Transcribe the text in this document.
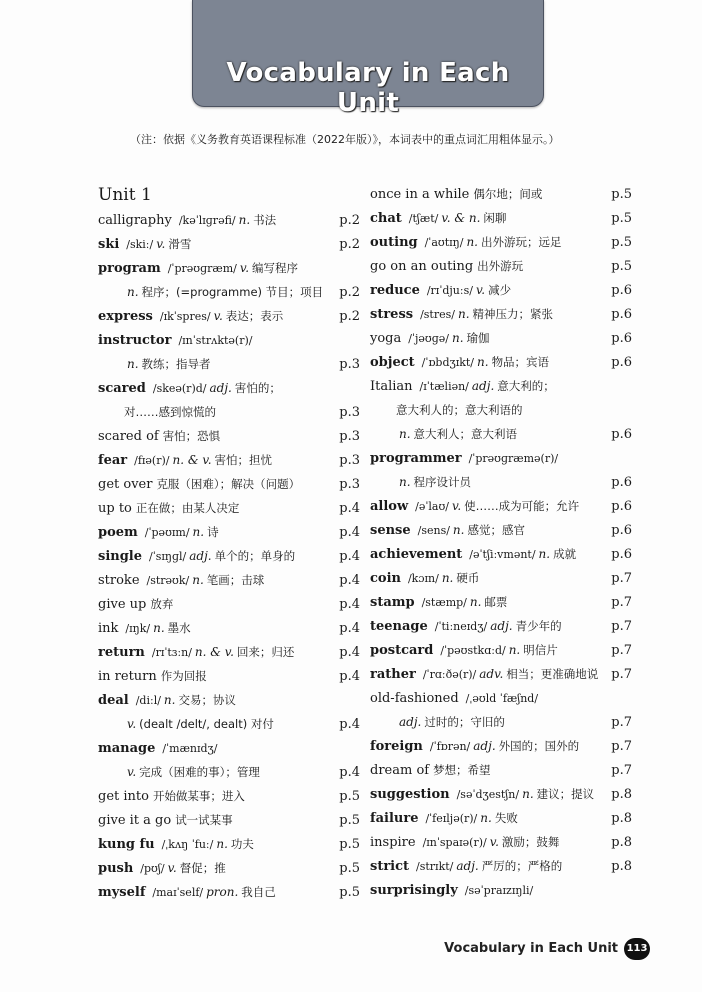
Vocabulary in Each Unit
（注：依据《义务教育英语课程标准（2022年版）》，本词表中的重点词汇用粗体显示。）
Unit 1
calligraphy /kəˈlɪɡrəfi/ n. 书法	p.2
ski /skiː/ v. 滑雪	p.2
program /ˈprəʊɡræm/ v. 编写程序
n. 程序；(=programme) 节目；项目	p.2
express /ɪkˈspres/ v. 表达；表示	p.2
instructor /ɪnˈstrʌktə(r)/
n. 教练；指导者	p.3
scared /skeə(r)d/ adj. 害怕的；
对……感到惊慌的	p.3
scared of 害怕；恐惧	p.3
fear /fɪə(r)/ n. & v. 害怕；担忧	p.3
get over 克服（困难）；解决（问题）	p.3
up to 正在做；由某人决定	p.4
poem /ˈpəʊɪm/ n. 诗	p.4
single /ˈsɪŋɡl/ adj. 单个的；单身的	p.4
stroke /strəʊk/ n. 笔画；击球	p.4
give up 放弃	p.4
ink /ɪŋk/ n. 墨水	p.4
return /rɪˈtɜːn/ n. & v. 回来；归还	p.4
in return 作为回报	p.4
deal /diːl/ n. 交易；协议
v. (dealt /delt/, dealt) 对付	p.4
manage /ˈmænɪdʒ/
v. 完成（困难的事）；管理	p.4
get into 开始做某事；进入	p.5
give it a go 试一试某事	p.5
kung fu /ˌkʌŋ ˈfuː/ n. 功夫	p.5
push /pʊʃ/ v. 督促；推	p.5
myself /maɪˈself/ pron. 我自己	p.5
once in a while 偶尔地；间或	p.5
chat /tʃæt/ v. & n. 闲聊	p.5
outing /ˈaʊtɪŋ/ n. 出外游玩；远足	p.5
go on an outing 出外游玩	p.5
reduce /rɪˈdjuːs/ v. 减少	p.6
stress /stres/ n. 精神压力；紧张	p.6
yoga /ˈjəʊɡə/ n. 瑜伽	p.6
object /ˈɒbdʒɪkt/ n. 物品；宾语	p.6
Italian /ɪˈtæliən/ adj. 意大利的；
意大利人的；意大利语的
n. 意大利人；意大利语	p.6
programmer /ˈprəʊɡræmə(r)/
n. 程序设计员	p.6
allow /əˈlaʊ/ v. 使……成为可能；允许	p.6
sense /sens/ n. 感觉；感官	p.6
achievement /əˈtʃiːvmənt/ n. 成就	p.6
coin /kɔɪn/ n. 硬币	p.7
stamp /stæmp/ n. 邮票	p.7
teenage /ˈtiːneɪdʒ/ adj. 青少年的	p.7
postcard /ˈpəʊstkɑːd/ n. 明信片	p.7
rather /ˈrɑːðə(r)/ adv. 相当；更准确地说 p.7
old-fashioned /ˌəʊld ˈfæʃnd/
adj. 过时的；守旧的	p.7
foreign /ˈfɒrən/ adj. 外国的；国外的	p.7
dream of 梦想；希望	p.7
suggestion /səˈdʒestʃn/ n. 建议；提议	p.8
failure /ˈfeɪljə(r)/ n. 失败	p.8
inspire /ɪnˈspaɪə(r)/ v. 激励；鼓舞	p.8
strict /strɪkt/ adj. 严厉的；严格的	p.8
surprisingly /səˈpraɪzɪŋli/
Vocabulary in Each Unit 113
